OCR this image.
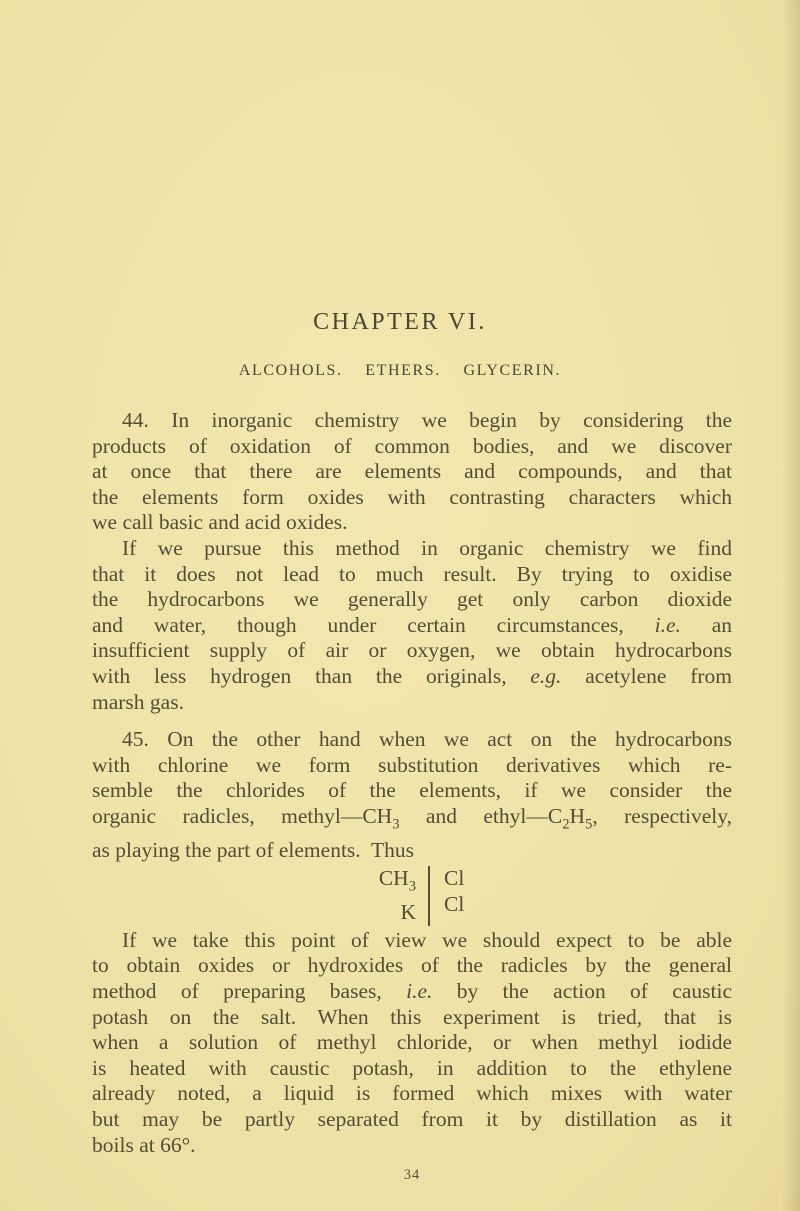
CHAPTER VI.
ALCOHOLS. ETHERS. GLYCERIN.
44. In inorganic chemistry we begin by considering the
products of oxidation of common bodies, and we discover
at once that there are elements and compounds, and that
the elements form oxides with contrasting characters which
we call basic and acid oxides.
If we pursue this method in organic chemistry we find
that it does not lead to much result. By trying to oxidise
the hydrocarbons we generally get only carbon dioxide
and water, though under certain circumstances, i.e. an
insufficient supply of air or oxygen, we obtain hydrocarbons
with less hydrogen than the originals, e.g. acetylene from
marsh gas.
45. On the other hand when we act on the hydrocarbons
with chlorine we form substitution derivatives which re-
semble the chlorides of the elements, if we consider the
organic radicles, $methyl—CH_3$ and $ethyl—C_2H_5$, respectively,
as playing the part of elements.  Thus
$CH_3$
K
Cl
Cl
If we take this point of view we should expect to be able
to obtain oxides or hydroxides of the radicles by the general
method of preparing bases, i.e. by the action of caustic
potash on the salt. When this experiment is tried, that is
when a solution of methyl chloride, or when methyl iodide
is heated with caustic potash, in addition to the ethylene
already noted, a liquid is formed which mixes with water
but may be partly separated from it by distillation as it
boils at 66°.
34
